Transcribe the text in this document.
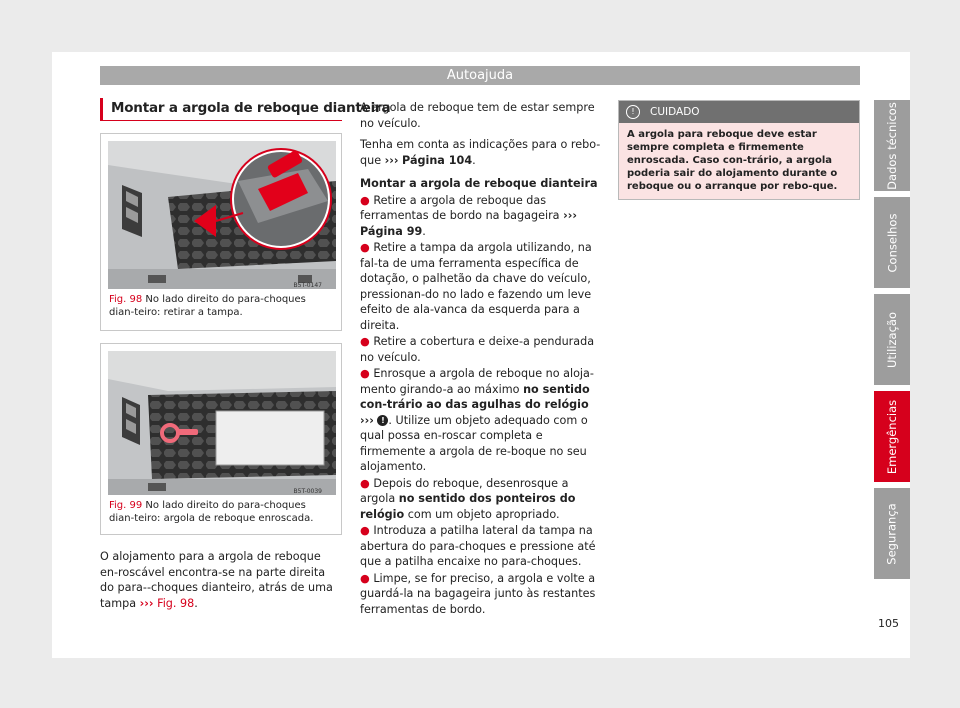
Autoajuda
Montar a argola de reboque dianteira
B5T-0147
Fig. 98 No lado direito do para-choques dian-teiro: retirar a tampa.
B5T-0039
Fig. 99 No lado direito do para-choques dian-teiro: argola de reboque enroscada.

O alojamento para a argola de reboque en-roscável encontra-se na parte direita do para--choques dianteiro, atrás de uma tampa ››› Fig. 98.

A argola de reboque tem de estar sempre no veículo.

Tenha em conta as indicações para o rebo-que ››› Página 104.

Montar a argola de reboque dianteira

● Retire a argola de reboque das ferramentas de bordo na bagageira ››› Página 99.

● Retire a tampa da argola utilizando, na fal-ta de uma ferramenta específica de dotação, o palhetão da chave do veículo, pressionan-do no lado e fazendo um leve efeito de ala-vanca da esquerda para a direita.

● Retire a cobertura e deixe-a pendurada no veículo.

● Enrosque a argola de reboque no aloja-mento girando-a ao máximo no sentido con-trário ao das agulhas do relógio ››› ! . Utilize um objeto adequado com o qual possa en-roscar completa e firmemente a argola de re-boque no seu alojamento.

● Depois do reboque, desenrosque a argola no sentido dos ponteiros do relógio com um objeto apropriado.

● Introduza a patilha lateral da tampa na abertura do para-choques e pressione até que a patilha encaixe no para-choques.

● Limpe, se for preciso, a argola e volte a guardá-la na bagageira junto às restantes ferramentas de bordo.

!	CUIDADO
A argola para reboque deve estar sempre completa e firmemente enroscada. Caso con-trário, a argola poderia sair do alojamento durante o reboque ou o arranque por rebo-que.	Dados técnicos
Conselhos
Utilização
Emergências
Segurança
105
